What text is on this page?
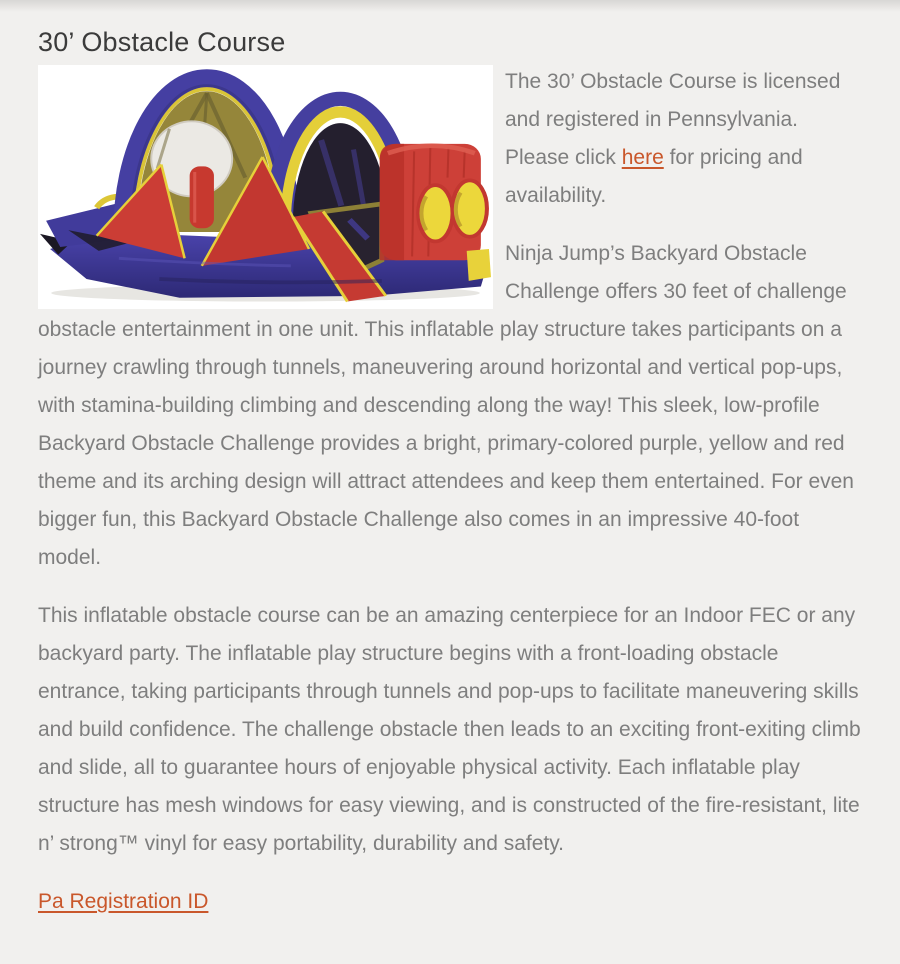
30’ Obstacle Course

The 30’ Obstacle Course is licensed and registered in Pennsylvania. Please click here for pricing and availability.

Ninja Jump’s Backyard Obstacle Challenge offers 30 feet of challenge obstacle entertainment in one unit. This inflatable play structure takes participants on a journey crawling through tunnels, maneuvering around horizontal and vertical pop-ups, with stamina-building climbing and descending along the way! This sleek, low-profile Backyard Obstacle Challenge provides a bright, primary-colored purple, yellow and red theme and its arching design will attract attendees and keep them entertained. For even bigger fun, this Backyard Obstacle Challenge also comes in an impressive 40-foot model.

This inflatable obstacle course can be an amazing centerpiece for an Indoor FEC or any backyard party. The inflatable play structure begins with a front-loading obstacle entrance, taking participants through tunnels and pop-ups to facilitate maneuvering skills and build confidence. The challenge obstacle then leads to an exciting front-exiting climb and slide, all to guarantee hours of enjoyable physical activity. Each inflatable play structure has mesh windows for easy viewing, and is constructed of the fire-resistant, lite n’ strong™ vinyl for easy portability, durability and safety.

Pa Registration ID
